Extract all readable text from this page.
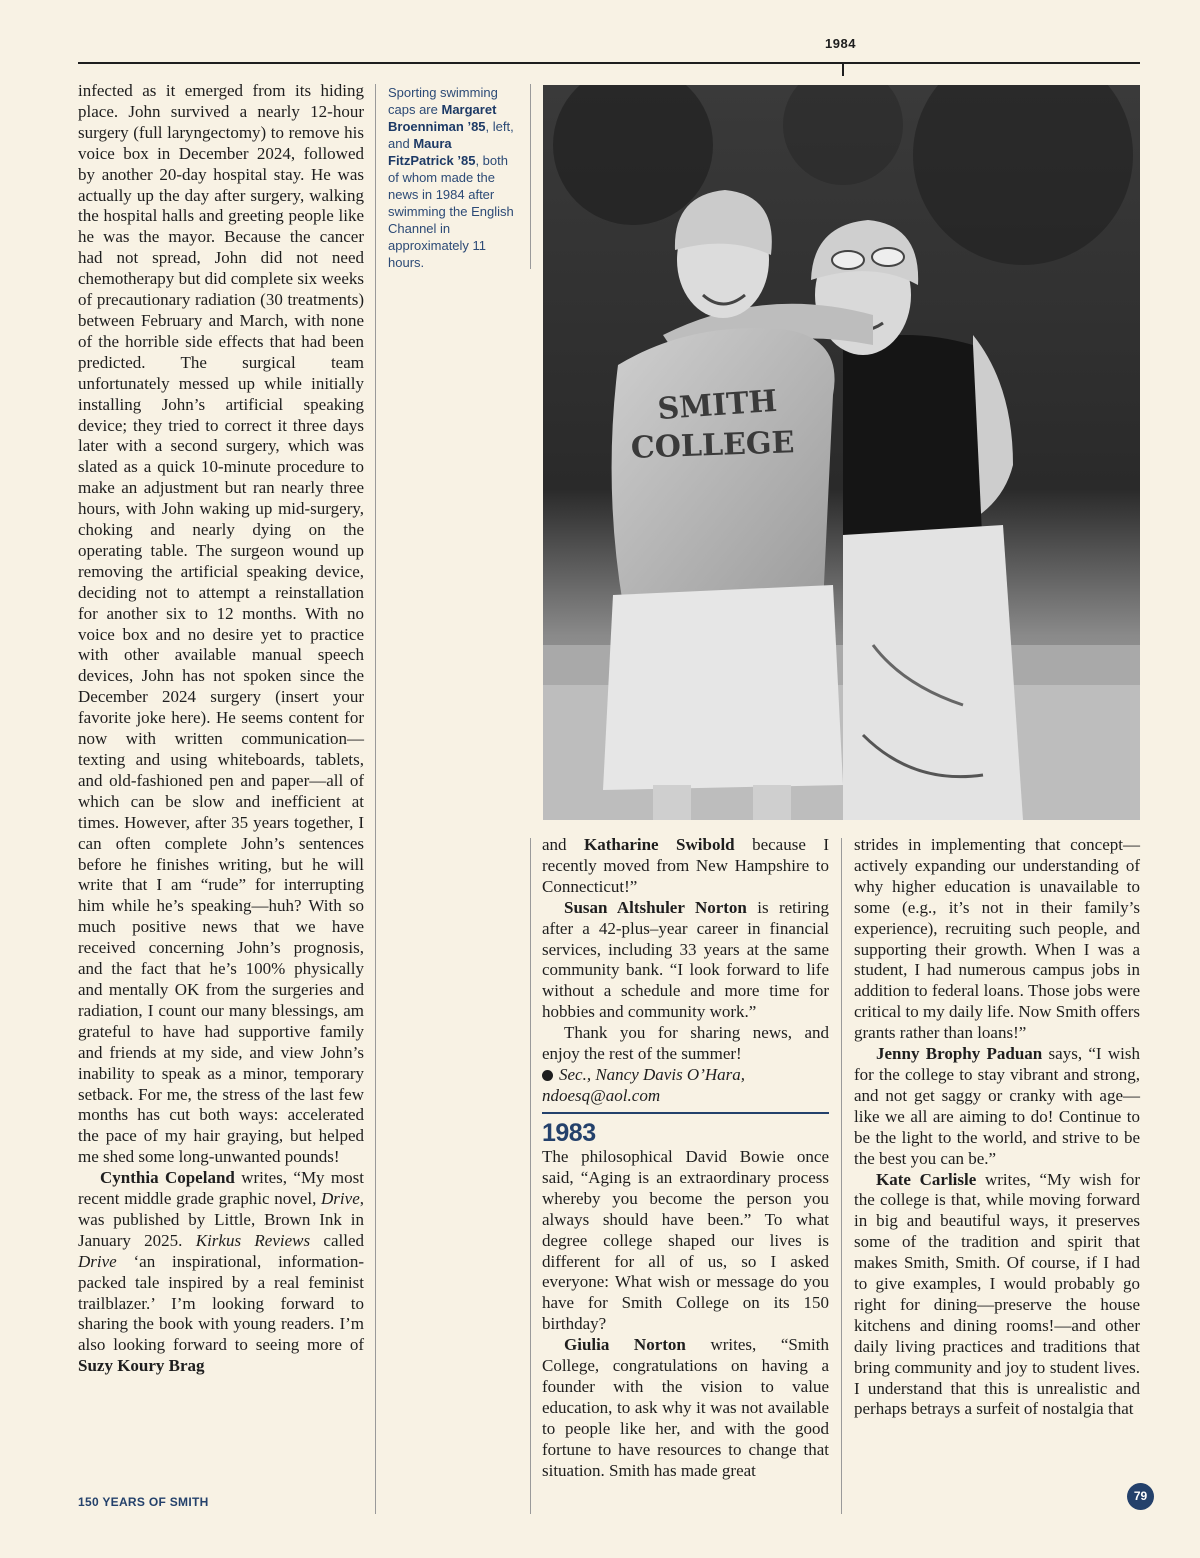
1984

infected as it emerged from its hiding place. John survived a nearly 12-hour surgery (full laryngectomy) to remove his voice box in December 2024, followed by another 20-day hospital stay. He was actually up the day after surgery, walking the hospital halls and greeting people like he was the mayor. Because the cancer had not spread, John did not need chemotherapy but did complete six weeks of precautionary radiation (30 treatments) between February and March, with none of the horrible side effects that had been predicted. The surgical team unfortunately messed up while initially installing John’s artificial speaking device; they tried to correct it three days later with a second surgery, which was slated as a quick 10-minute procedure to make an adjustment but ran nearly three hours, with John waking up mid-surgery, choking and nearly dying on the operating table. The surgeon wound up removing the artificial speaking device, deciding not to attempt a reinstallation for another six to 12 months. With no voice box and no desire yet to practice with other available manual speech devices, John has not spoken since the December 2024 surgery (insert your favorite joke here). He seems content for now with written communication—texting and using whiteboards, tablets, and old-fashioned pen and paper—all of which can be slow and inefficient at times. However, after 35 years together, I can often complete John’s sentences before he finishes writing, but he will write that I am “rude” for interrupting him while he’s speaking—huh? With so much positive news that we have received concerning John’s prognosis, and the fact that he’s 100% physically and mentally OK from the surgeries and radiation, I count our many blessings, am grateful to have had supportive family and friends at my side, and view John’s inability to speak as a minor, temporary setback. For me, the stress of the last few months has cut both ways: accelerated the pace of my hair graying, but helped me shed some long-unwanted pounds!

Cynthia Copeland writes, “My most recent middle grade graphic novel, Drive, was published by Little, Brown Ink in January 2025. Kirkus Reviews called Drive ‘an inspirational, information-packed tale inspired by a real feminist trailblazer.’ I’m looking forward to sharing the book with young readers. I’m also looking forward to seeing more of Suzy Koury Brag

Sporting swimming caps are Margaret Broenniman ’85, left, and Maura FitzPatrick ’85, both of whom made the news in 1984 after swimming the English Channel in approximately 11 hours.
SMITH
COLLEGE

and Katharine Swibold because I recently moved from New Hampshire to Connecticut!”

Susan Altshuler Norton is retiring after a 42-plus–year career in financial services, including 33 years at the same community bank. “I look forward to life without a schedule and more time for hobbies and community work.”

Thank you for sharing news, and enjoy the rest of the summer!

Sec., Nancy Davis O’Hara,
ndoesq@aol.com

1983

The philosophical David Bowie once said, “Aging is an extraordinary process whereby you become the person you always should have been.” To what degree college shaped our lives is different for all of us, so I asked everyone: What wish or message do you have for Smith College on its 150 birthday?

Giulia Norton writes, “Smith College, congratulations on having a founder with the vision to value education, to ask why it was not available to people like her, and with the good fortune to have resources to change that situation. Smith has made great

strides in implementing that concept—actively expanding our understanding of why higher education is unavailable to some (e.g., it’s not in their family’s experience), recruiting such people, and supporting their growth. When I was a student, I had numerous campus jobs in addition to federal loans. Those jobs were critical to my daily life. Now Smith offers grants rather than loans!”

Jenny Brophy Paduan says, “I wish for the college to stay vibrant and strong, and not get saggy or cranky with age—like we all are aiming to do! Continue to be the light to the world, and strive to be the best you can be.”

Kate Carlisle writes, “My wish for the college is that, while moving forward in big and beautiful ways, it preserves some of the tradition and spirit that makes Smith, Smith. Of course, if I had to give examples, I would probably go right for dining—preserve the house kitchens and dining rooms!—and other daily living practices and traditions that bring community and joy to student lives. I understand that this is unrealistic and perhaps betrays a surfeit of nostalgia that

150 YEARS OF SMITH	79
